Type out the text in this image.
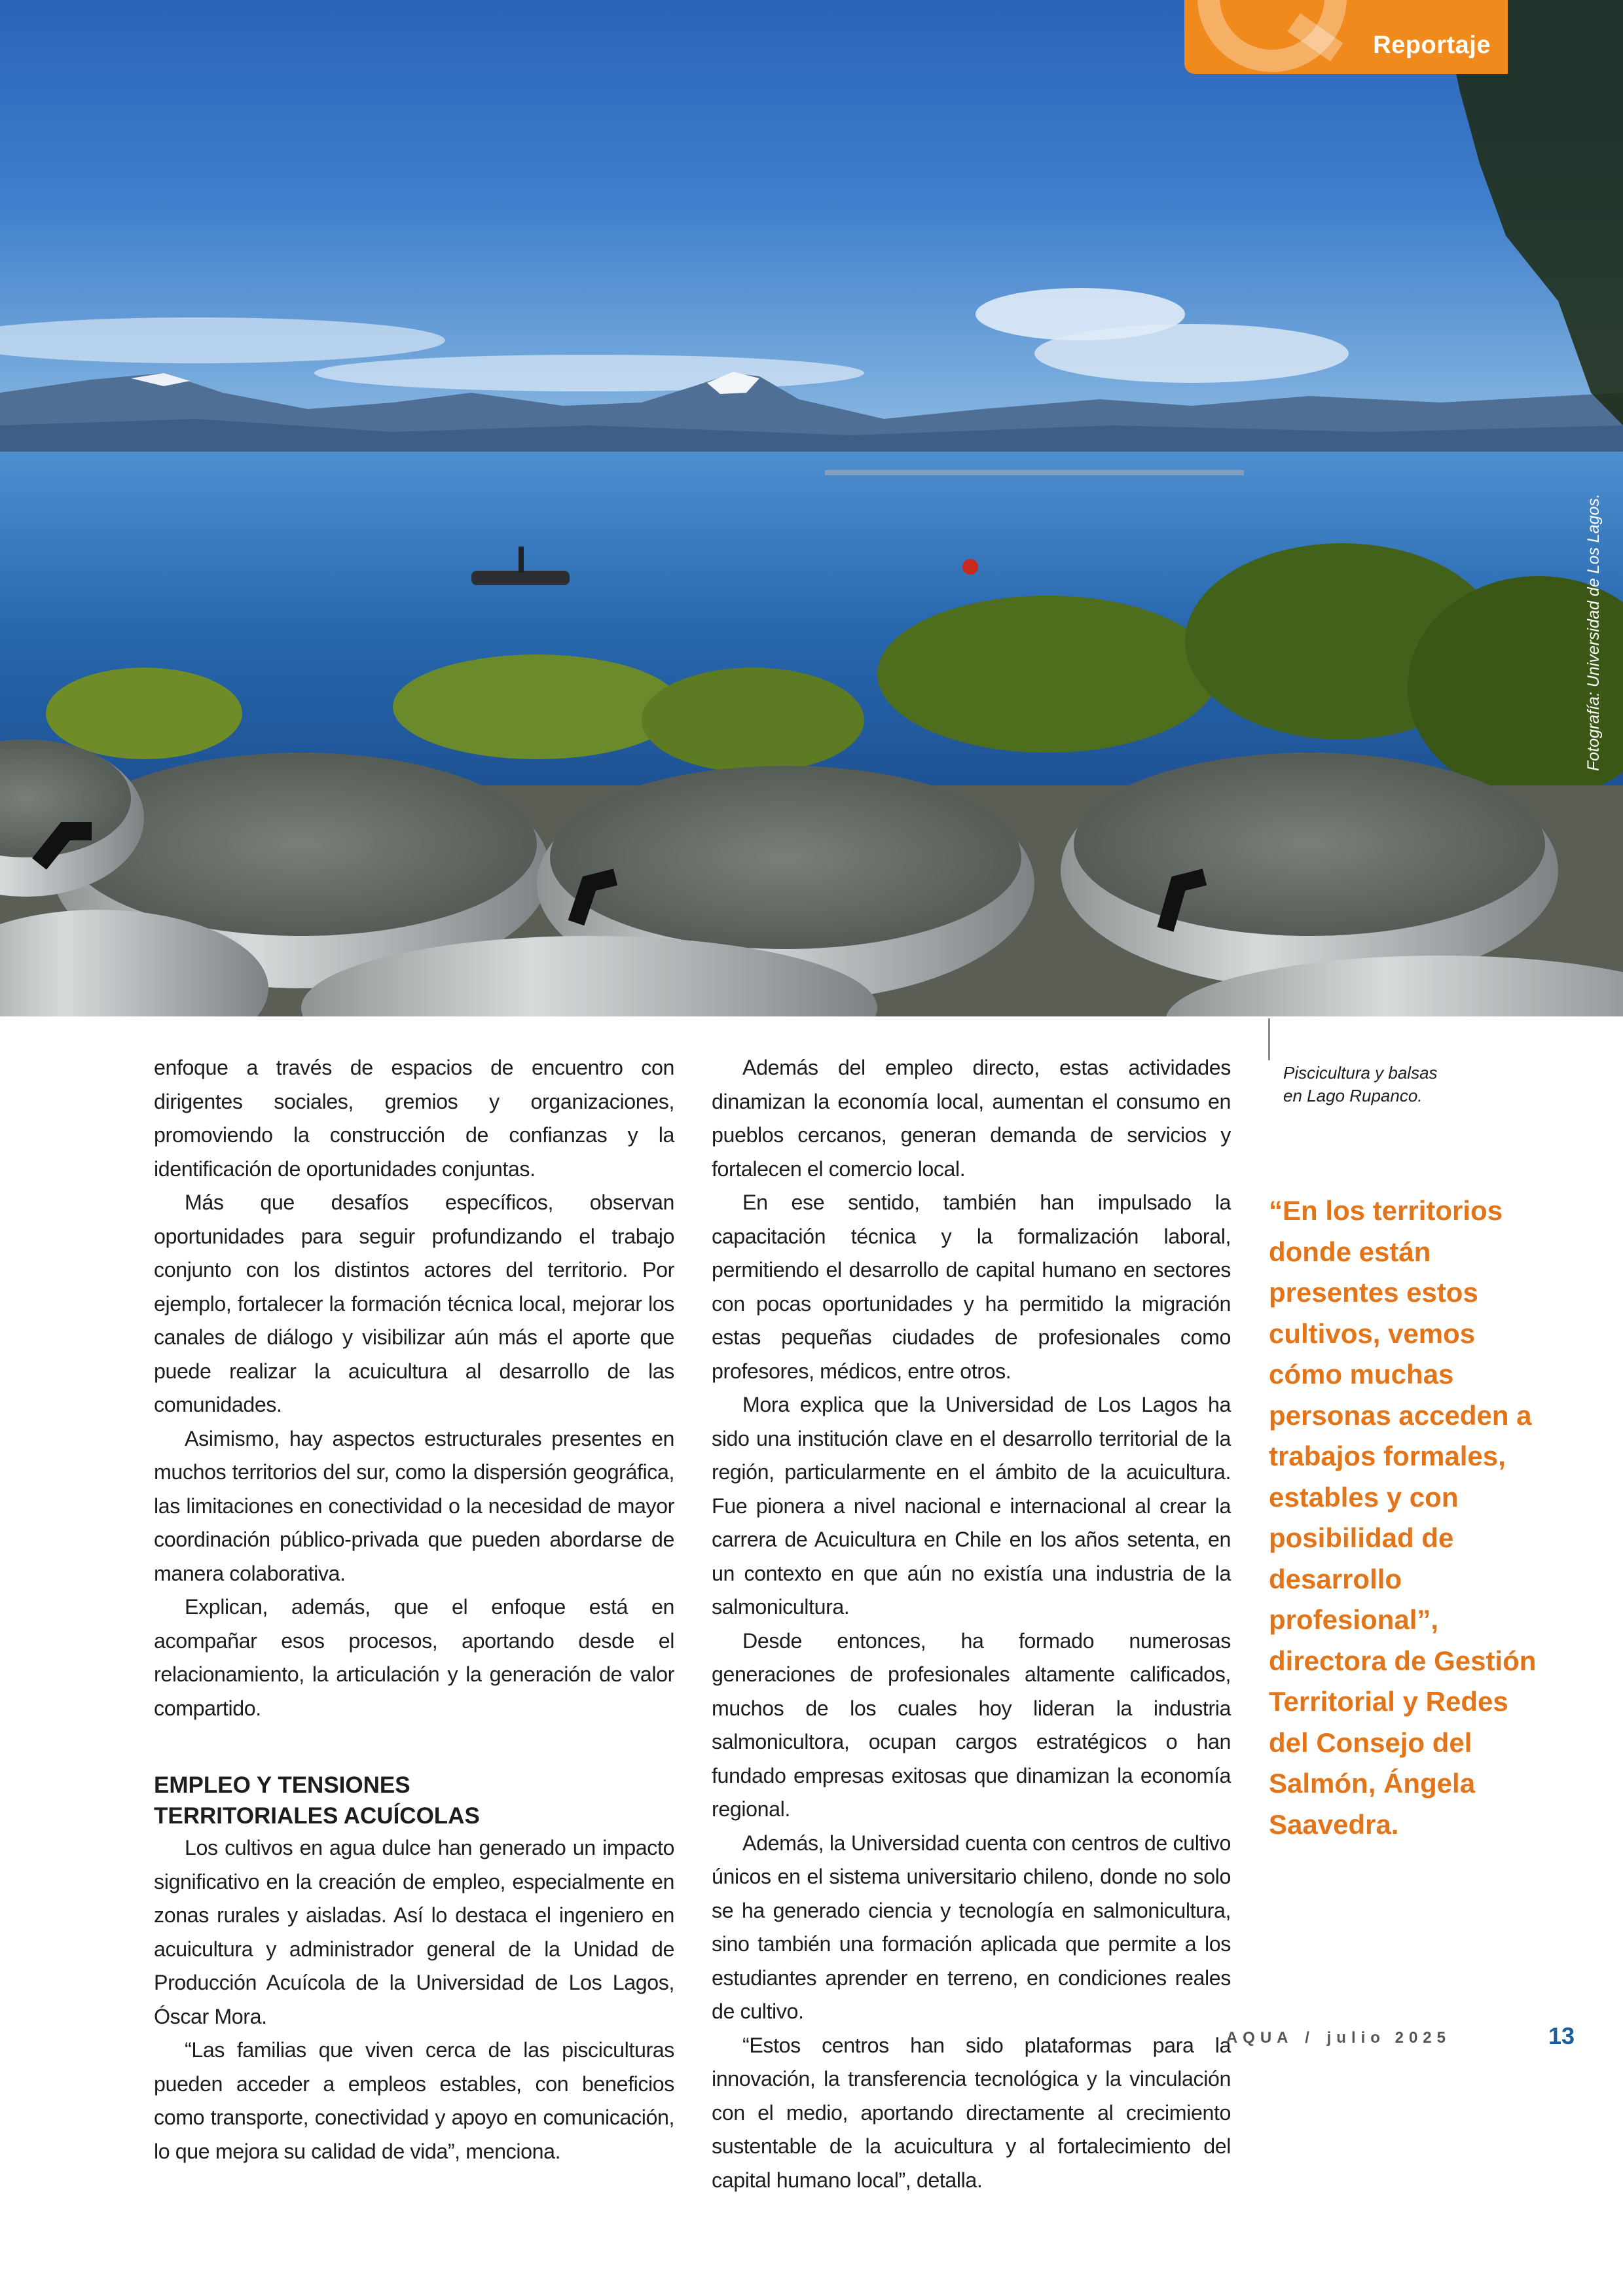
Reportaje
Fotografía: Universidad de Los Lagos.

enfoque a través de espacios de encuentro con dirigentes sociales, gremios y organizaciones, promoviendo la construcción de confianzas y la identificación de oportunidades conjuntas.

Más que desafíos específicos, observan oportunidades para seguir profundizando el trabajo conjunto con los distintos actores del territorio. Por ejemplo, fortalecer la formación técnica local, mejorar los canales de diálogo y visibilizar aún más el aporte que puede realizar la acuicultura al desarrollo de las comunidades.

Asimismo, hay aspectos estructurales presentes en muchos territorios del sur, como la dispersión geográfica, las limitaciones en conectividad o la necesidad de mayor coordinación público-privada que pueden abordarse de manera colaborativa.

Explican, además, que el enfoque está en acompañar esos procesos, aportando desde el relacionamiento, la articulación y la generación de valor compartido.

EMPLEO Y TENSIONES
TERRITORIALES ACUÍCOLAS

Los cultivos en agua dulce han generado un impacto significativo en la creación de empleo, especialmente en zonas rurales y aisladas. Así lo destaca el ingeniero en acuicultura y administrador general de la Unidad de Producción Acuícola de la Universidad de Los Lagos, Óscar Mora.

“Las familias que viven cerca de las pisciculturas pueden acceder a empleos estables, con beneficios como transporte, conectividad y apoyo en comunicación, lo que mejora su calidad de vida”, menciona.

Además del empleo directo, estas actividades dinamizan la economía local, aumentan el consumo en pueblos cercanos, generan demanda de servicios y fortalecen el comercio local.

En ese sentido, también han impulsado la capacitación técnica y la formalización laboral, permitiendo el desarrollo de capital humano en sectores con pocas oportunidades y ha permitido la migración estas pequeñas ciudades de profesionales como profesores, médicos, entre otros.

Mora explica que la Universidad de Los Lagos ha sido una institución clave en el desarrollo territorial de la región, particularmente en el ámbito de la acuicultura. Fue pionera a nivel nacional e internacional al crear la carrera de Acuicultura en Chile en los años setenta, en un contexto en que aún no existía una industria de la salmonicultura.

Desde entonces, ha formado numerosas generaciones de profesionales altamente calificados, muchos de los cuales hoy lideran la industria salmonicultora, ocupan cargos estratégicos o han fundado empresas exitosas que dinamizan la economía regional.

Además, la Universidad cuenta con centros de cultivo únicos en el sistema universitario chileno, donde no solo se ha generado ciencia y tecnología en salmonicultura, sino también una formación aplicada que permite a los estudiantes aprender en terreno, en condiciones reales de cultivo.

“Estos centros han sido plataformas para la innovación, la transferencia tecnológica y la vinculación con el medio, aportando directamente al crecimiento sustentable de la acuicultura y al fortalecimiento del capital humano local”, detalla.

Piscicultura y balsas
en Lago Rupanco.
“En los territorios donde están presentes estos cultivos, vemos cómo muchas personas acceden a trabajos formales, estables y con posibilidad de desarrollo profesional”, directora de Gestión Territorial y Redes del Consejo del Salmón, Ángela Saavedra.
AQUA / julio 2025	13
